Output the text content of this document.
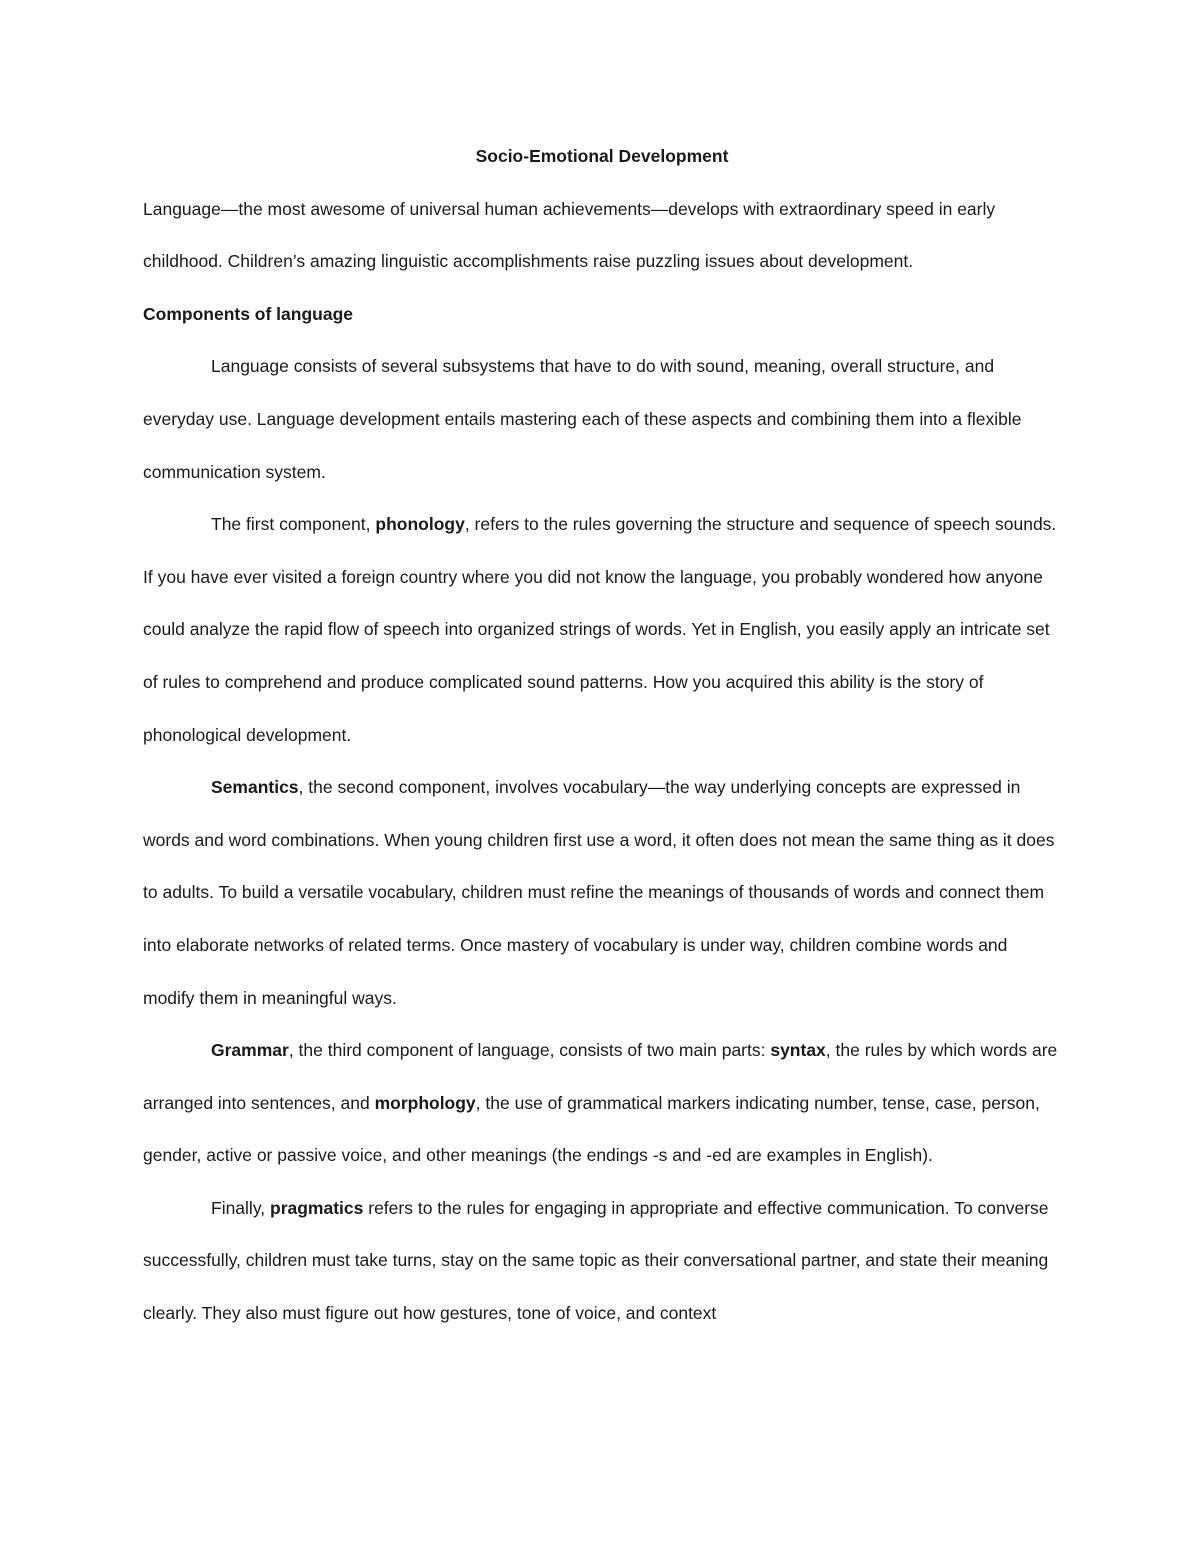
Socio-Emotional Development

Language—the most awesome of universal human achievements—develops with extraordinary speed in early childhood. Children’s amazing linguistic accomplishments raise puzzling issues about development.

Components of language

Language consists of several subsystems that have to do with sound, meaning, overall structure, and everyday use. Language development entails mastering each of these aspects and combining them into a flexible communication system.

The first component, phonology, refers to the rules governing the structure and sequence of speech sounds. If you have ever visited a foreign country where you did not know the language, you probably wondered how anyone could analyze the rapid flow of speech into organized strings of words. Yet in English, you easily apply an intricate set of rules to comprehend and produce complicated sound patterns. How you acquired this ability is the story of phonological development.

Semantics, the second component, involves vocabulary—the way underlying concepts are expressed in words and word combinations. When young children first use a word, it often does not mean the same thing as it does to adults. To build a versatile vocabulary, children must refine the meanings of thousands of words and connect them into elaborate networks of related terms. Once mastery of vocabulary is under way, children combine words and modify them in meaningful ways.

Grammar, the third component of language, consists of two main parts: syntax, the rules by which words are arranged into sentences, and morphology, the use of grammatical markers indicating number, tense, case, person, gender, active or passive voice, and other meanings (the endings -s and -ed are examples in English).

Finally, pragmatics refers to the rules for engaging in appropriate and effective communication. To converse successfully, children must take turns, stay on the same topic as their conversational partner, and state their meaning clearly. They also must figure out how gestures, tone of voice, and context
